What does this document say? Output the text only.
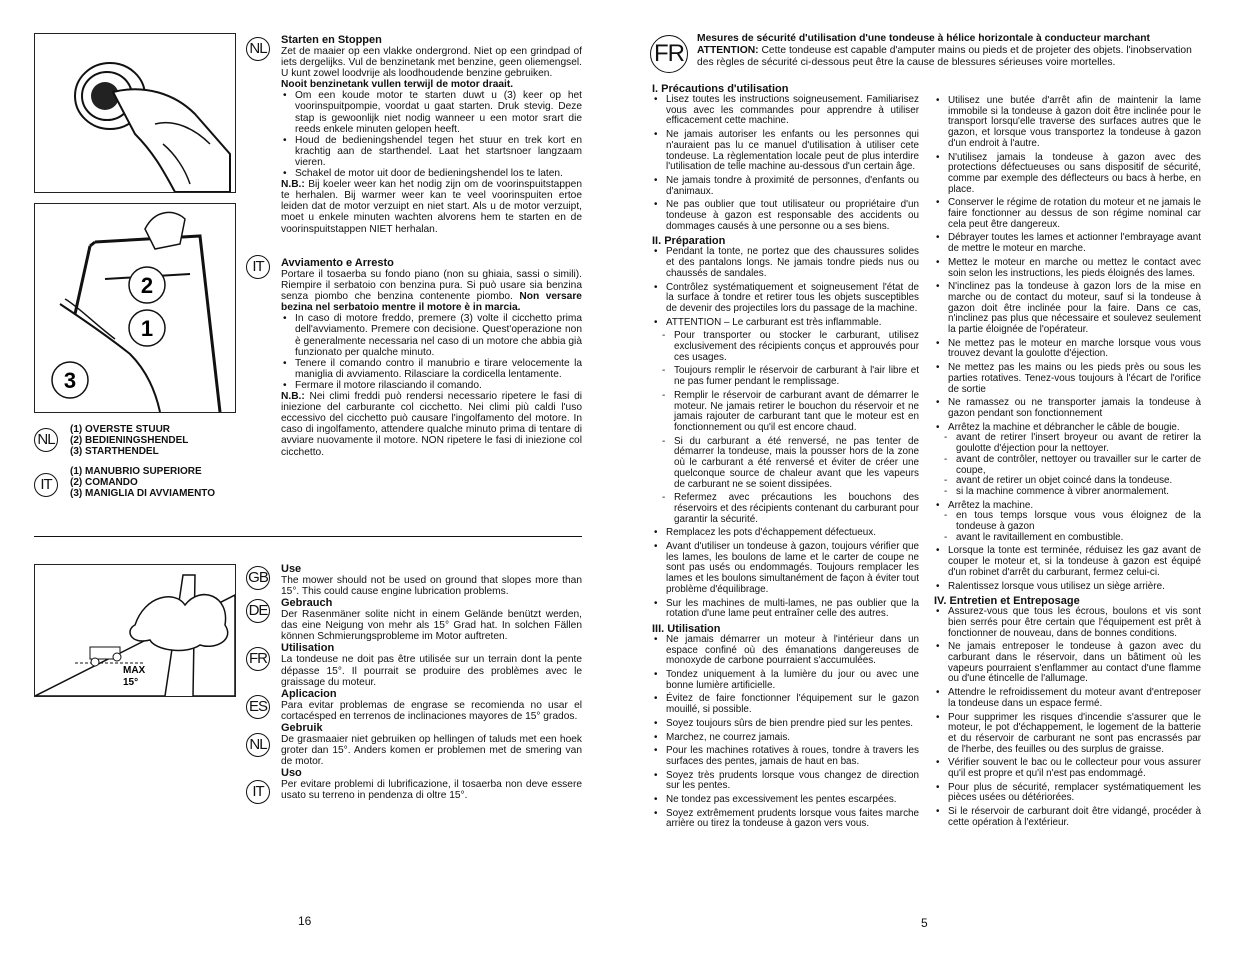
2
1
3
NL	Starten en Stoppen

Zet de maaier op een vlakke ondergrond. Niet op een grindpad of iets dergelijks. Vul de benzinetank met benzine, geen oliemengsel. U kunt zowel loodvrije als loodhoudende benzine gebruiken.

Nooit benzinetank vullen terwijl de motor draait.

• Om een koude motor te starten duwt u (3) keer op het voorinspuitpompie, voordat u gaat starten. Druk stevig. Deze stap is gewoonlijk niet nodig wanneer u een motor srart die reeds enkele minuten gelopen heeft.
• Houd de bedieningshendel tegen het stuur en trek kort en krachtig aan de starthendel. Laat het startsnoer langzaam vieren.
• Schakel de motor uit door de bedieningshendel los te laten.

N.B.: Bij koeler weer kan het nodig zijn om de voorinspuitstappen te herhalen. Bij warmer weer kan te veel voorinspuiten ertoe leiden dat de motor verzuipt en niet start. Als u de motor verzuipt, moet u enkele minuten wachten alvorens hem te starten en de voorinspuitstappen NIET herhalan.

IT	Avviamento e Arresto

Portare il tosaerba su fondo piano (non su ghiaia, sassi o simili). Riempire il serbatoio con benzina pura. Si può usare sia benzina senza piombo che benzina contenente piombo. Non versare bezina nel serbatoio mentre il motore è in marcia.

• In caso di motore freddo, premere (3) volte il cicchetto prima dell'avviamento. Premere con decisione. Quest'operazione non è generalmente necessaria nel caso di un motore che abbia già funzionato per qualche minuto.
• Tenere il comando contro il manubrio e tirare velocemente la maniglia di avviamento. Rilasciare la cordicella lentamente.
• Fermare il motore rilasciando il comando.

N.B.: Nei climi freddi può rendersi necessario ripetere le fasi di iniezione del carburante col cicchetto. Nei climi più caldi l'uso eccessivo del cicchetto può causare l'ingolfamento del motore. In caso di ingolfamento, attendere qualche minuto prima di tentare di avviare nuovamente il motore. NON ripetere le fasi di iniezione col cicchetto.

NL
(1) OVERSTE STUUR
(2) BEDIENINGSHENDEL
(3) STARTHENDEL
IT
(1) MANUBRIO SUPERIORE
(2) COMANDO
(3) MANIGLIA DI AVVIAMENTO
MAX
15°
GB
DE
FR
ES
NL
IT
Use

The mower should not be used on ground that slopes more than 15°. This could cause engine lubrication problems.

Gebrauch

Der Rasenmäner solite nicht in einem Gelände benützt werden, das eine Neigung von mehr als 15° Grad hat. In solchen Fällen können Schmierungsprobleme im Motor auftreten.

Utilisation

La tondeuse ne doit pas être utilisée sur un terrain dont la pente dépasse 15°. Il pourrait se produire des problèmes avec le graissage du moteur.

Aplicacion

Para evitar problemas de engrase se recomienda no usar el cortacésped en terrenos de inclinaciones mayores de 15° grados.

Gebruik

De grasmaaier niet gebruiken op hellingen of taluds met een hoek groter dan 15°. Anders komen er problemen met de smering van de motor.

Uso

Per evitare problemi di lubrificazione, il tosaerba non deve essere usato su terreno in pendenza di oltre 15°.

16
FR
Mesures de sécurité d'utilisation d'une tondeuse à hélice horizontale à conducteur marchant
ATTENTION: Cette tondeuse est capable d'amputer mains ou pieds et de projeter des objets. l'inobservation des règles de sécurité ci-dessous peut être la cause de blessures sérieuses voire mortelles.
I. Précautions d'utilisation
• Lisez toutes les instructions soigneusement. Familiarisez vous avec les commandes pour apprendre à utiliser efficacement cette machine.
• Ne jamais autoriser les enfants ou les personnes qui n'auraient pas lu ce manuel d'utilisation à utiliser cete tondeuse. La règlementation locale peut de plus interdire l'utilisation de telle machine au-dessous d'un certain âge.
• Ne jamais tondre à proximité de personnes, d'enfants ou d'animaux.
• Ne pas oublier que tout utilisateur ou propriétaire d'un tondeuse à gazon est responsable des accidents ou dommages causés à une personne ou a ses biens.
II. Préparation
• Pendant la tonte, ne portez que des chaussures solides et des pantalons longs. Ne jamais tondre pieds nus ou chaussés de sandales.
• Contrôlez systématiquement et soigneusement l'état de la surface à tondre et retirer tous les objets susceptibles de devenir des projectiles lors du passage de la machine.
• ATTENTION – Le carburant est très inflammable.
- Pour transporter ou stocker le carburant, utilisez exclusivement des récipients conçus et approuvés pour ces usages.
- Toujours remplir le réservoir de carburant à l'air libre et ne pas fumer pendant le remplissage.
- Remplir le réservoir de carburant avant de démarrer le moteur. Ne jamais retirer le bouchon du réservoir et ne jamais rajouter de carburant tant que le moteur est en fonctionnement ou qu'il est encore chaud.
- Si du carburant a été renversé, ne pas tenter de démarrer la tondeuse, mais la pousser hors de la zone où le carburant a été renversé et éviter de créer une quelconque source de chaleur avant que les vapeurs de carburant ne se soient dissipées.
- Refermez avec précautions les bouchons des réservoirs et des récipients contenant du carburant pour garantir la sécurité.
• Remplacez les pots d'échappement défectueux.
• Avant d'utiliser un tondeuse à gazon, toujours vérifier que les lames, les boulons de lame et le carter de coupe ne sont pas usés ou endommagés. Toujours remplacer les lames et les boulons simultanément de façon à éviter tout problème d'équilibrage.
• Sur les machines de multi-lames, ne pas oublier que la rotation d'une lame peut entraîner celle des autres.
III. Utilisation
• Ne jamais démarrer un moteur à l'intérieur dans un espace confiné où des émanations dangereuses de monoxyde de carbone pourraient s'accumulées.
• Tondez uniquement à la lumière du jour ou avec une bonne lumière artificielle.
• Évitez de faire fonctionner l'équipement sur le gazon mouillé, si possible.
• Soyez toujours sûrs de bien prendre pied sur les pentes.
• Marchez, ne courrez jamais.
• Pour les machines rotatives à roues, tondre à travers les surfaces des pentes, jamais de haut en bas.
• Soyez très prudents lorsque vous changez de direction sur les pentes.
• Ne tondez pas excessivement les pentes escarpées.
• Soyez extrêmement prudents lorsque vous faites marche arrière ou tirez la tondeuse à gazon vers vous.
• Utilisez une butée d'arrêt afin de maintenir la lame immobile si la tondeuse à gazon doit être inclinée pour le transport lorsqu'elle traverse des surfaces autres que le gazon, et lorsque vous transportez la tondeuse à gazon d'un endroit à l'autre.
• N'utilisez jamais la tondeuse à gazon avec des protections défectueuses ou sans dispositif de sécurité, comme par exemple des déflecteurs ou bacs à herbe, en place.
• Conserver le régime de rotation du moteur et ne jamais le faire fonctionner au dessus de son régime nominal car cela peut être dangereux.
• Débrayer toutes les lames et actionner l'embrayage avant de mettre le moteur en marche.
• Mettez le moteur en marche ou mettez le contact avec soin selon les instructions, les pieds éloignés des lames.
• N'inclinez pas la tondeuse à gazon lors de la mise en marche ou de contact du moteur, sauf si la tondeuse à gazon doit être inclinée pour la faire. Dans ce cas, n'inclinez pas plus que nécessaire et soulevez seulement la partie éloignée de l'opérateur.
• Ne mettez pas le moteur en marche lorsque vous vous trouvez devant la goulotte d'éjection.
• Ne mettez pas les mains ou les pieds près ou sous les parties rotatives. Tenez-vous toujours à l'écart de l'orifice de sortie
• Ne ramassez ou ne transporter jamais la tondeuse à gazon pendant son fonctionnement
• Arrêtez la machine et débrancher le câble de bougie.
- avant de retirer l'insert broyeur ou avant de retirer la goulotte d'éjection pour la nettoyer.
- avant de contrôler, nettoyer ou travailler sur le carter de coupe,
- avant de retirer un objet coincé dans la tondeuse.
- si la machine commence à vibrer anormalement.
• Arrêtez la machine.
- en tous temps lorsque vous vous éloignez de la tondeuse à gazon
- avant le ravitaillement en combustible.
• Lorsque la tonte est terminée, réduisez les gaz avant de couper le moteur et, si la tondeuse à gazon est équipé d'un robinet d'arrêt du carburant, fermez celui-ci.
• Ralentissez lorsque vous utilisez un siège arrière.
IV. Entretien et Entreposage
• Assurez-vous que tous les écrous, boulons et vis sont bien serrés pour être certain que l'équipement est prêt à fonctionner de nouveau, dans de bonnes conditions.
• Ne jamais entreposer le tondeuse à gazon avec du carburant dans le réservoir, dans un bâtiment où les vapeurs pourraient s'enflammer au contact d'une flamme ou d'une étincelle de l'allumage.
• Attendre le refroidissement du moteur avant d'entreposer la tondeuse dans un espace fermé.
• Pour supprimer les risques d'incendie s'assurer que le moteur, le pot d'échappement, le logement de la batterie et du réservoir de carburant ne sont pas encrassés par de l'herbe, des feuilles ou des surplus de graisse.
• Vérifier souvent le bac ou le collecteur pour vous assurer qu'il est propre et qu'il n'est pas endommagé.
• Pour plus de sécurité, remplacer systématiquement les pièces usées ou détériorées.
• Si le réservoir de carburant doit être vidangé, procéder à cette opération à l'extérieur.
5
